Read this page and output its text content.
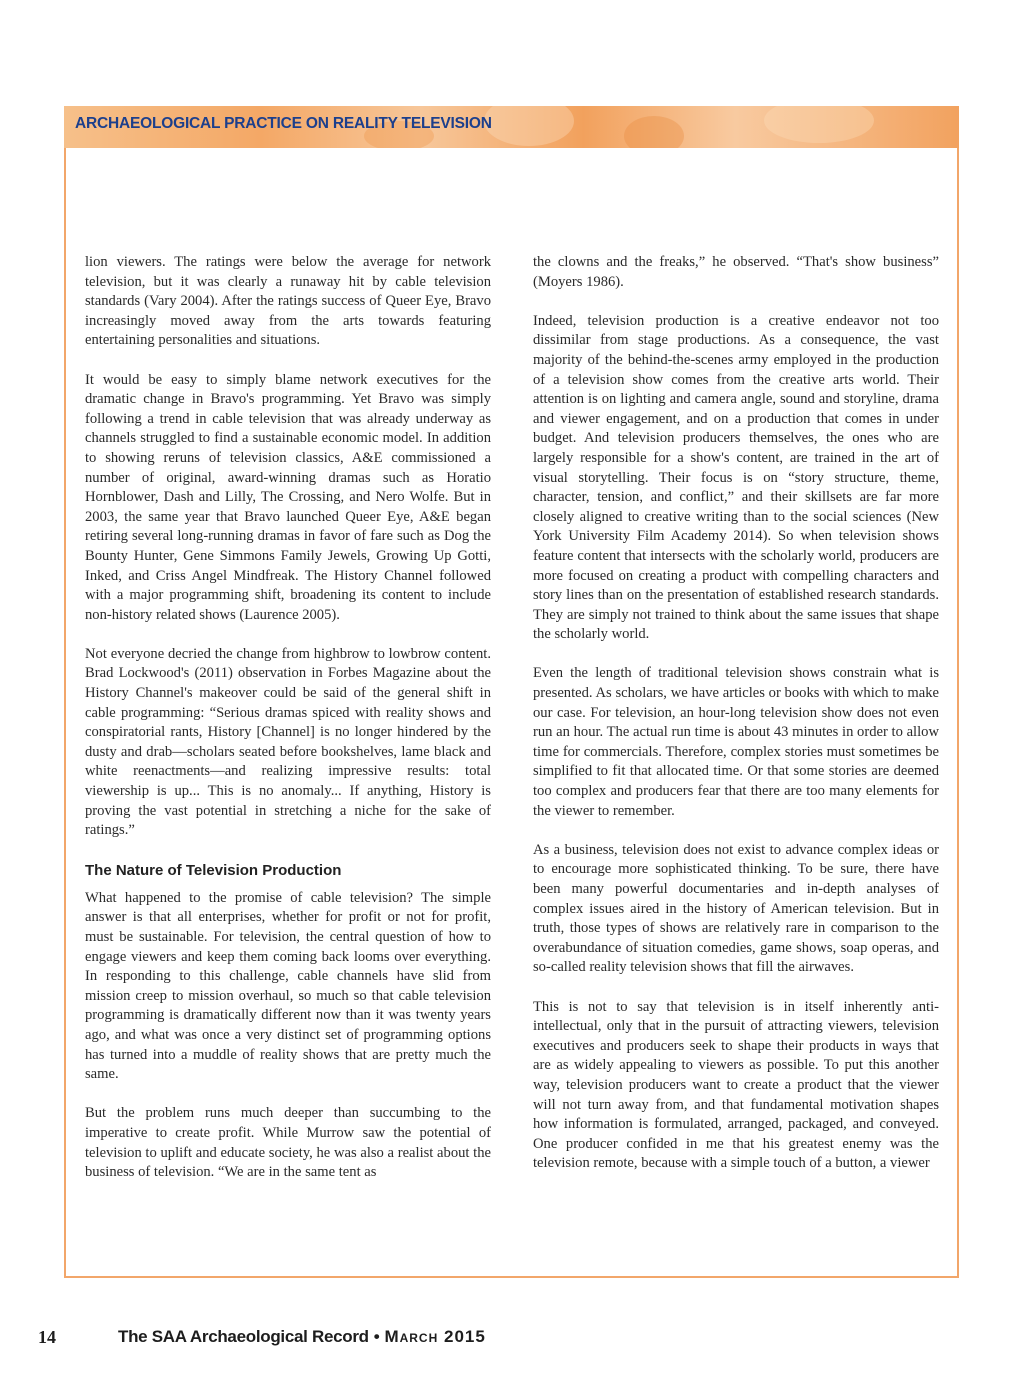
ARCHAEOLOGICAL PRACTICE ON REALITY TELEVISION

lion viewers. The ratings were below the average for network television, but it was clearly a runaway hit by cable television standards (Vary 2004). After the ratings success of Queer Eye, Bravo increasingly moved away from the arts towards featuring entertaining personalities and situations.

It would be easy to simply blame network executives for the dramatic change in Bravo's programming. Yet Bravo was simply following a trend in cable television that was already underway as channels struggled to find a sustainable economic model. In addition to showing reruns of television classics, A&E commissioned a number of original, award-winning dramas such as Horatio Hornblower, Dash and Lilly, The Crossing, and Nero Wolfe. But in 2003, the same year that Bravo launched Queer Eye, A&E began retiring several long-running dramas in favor of fare such as Dog the Bounty Hunter, Gene Simmons Family Jewels, Growing Up Gotti, Inked, and Criss Angel Mindfreak. The History Channel followed with a major programming shift, broadening its content to include non-history related shows (Laurence 2005).

Not everyone decried the change from highbrow to lowbrow content. Brad Lockwood's (2011) observation in Forbes Magazine about the History Channel's makeover could be said of the general shift in cable programming: “Serious dramas spiced with reality shows and conspiratorial rants, History [Channel] is no longer hindered by the dusty and drab—scholars seated before bookshelves, lame black and white reenactments—and realizing impressive results: total viewership is up... This is no anomaly... If anything, History is proving the vast potential in stretching a niche for the sake of ratings.”

The Nature of Television Production

What happened to the promise of cable television? The simple answer is that all enterprises, whether for profit or not for profit, must be sustainable. For television, the central question of how to engage viewers and keep them coming back looms over everything. In responding to this challenge, cable channels have slid from mission creep to mission overhaul, so much so that cable television programming is dramatically different now than it was twenty years ago, and what was once a very distinct set of programming options has turned into a muddle of reality shows that are pretty much the same.

But the problem runs much deeper than succumbing to the imperative to create profit. While Murrow saw the potential of television to uplift and educate society, he was also a realist about the business of television. “We are in the same tent as

the clowns and the freaks,” he observed. “That's show business” (Moyers 1986).

Indeed, television production is a creative endeavor not too dissimilar from stage productions. As a consequence, the vast majority of the behind-the-scenes army employed in the production of a television show comes from the creative arts world. Their attention is on lighting and camera angle, sound and storyline, drama and viewer engagement, and on a production that comes in under budget. And television producers themselves, the ones who are largely responsible for a show's content, are trained in the art of visual storytelling. Their focus is on “story structure, theme, character, tension, and conflict,” and their skillsets are far more closely aligned to creative writing than to the social sciences (New York University Film Academy 2014). So when television shows feature content that intersects with the scholarly world, producers are more focused on creating a product with compelling characters and story lines than on the presentation of established research standards. They are simply not trained to think about the same issues that shape the scholarly world.

Even the length of traditional television shows constrain what is presented. As scholars, we have articles or books with which to make our case. For television, an hour-long television show does not even run an hour. The actual run time is about 43 minutes in order to allow time for commercials. Therefore, complex stories must sometimes be simplified to fit that allocated time. Or that some stories are deemed too complex and producers fear that there are too many elements for the viewer to remember.

As a business, television does not exist to advance complex ideas or to encourage more sophisticated thinking. To be sure, there have been many powerful documentaries and in-depth analyses of complex issues aired in the history of American television. But in truth, those types of shows are relatively rare in comparison to the overabundance of situation comedies, game shows, soap operas, and so-called reality television shows that fill the airwaves.

This is not to say that television is in itself inherently anti-intellectual, only that in the pursuit of attracting viewers, television executives and producers seek to shape their products in ways that are as widely appealing to viewers as possible. To put this another way, television producers want to create a product that the viewer will not turn away from, and that fundamental motivation shapes how information is formulated, arranged, packaged, and conveyed. One producer confided in me that his greatest enemy was the television remote, because with a simple touch of a button, a viewer

14	The SAA Archaeological Record • March 2015
